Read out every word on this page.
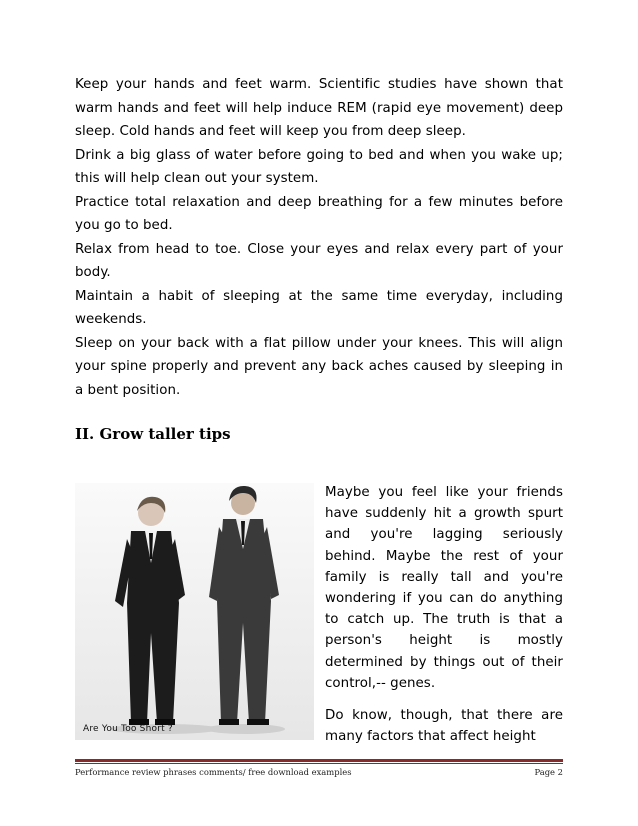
Keep your hands and feet warm. Scientific studies have shown that warm hands and feet will help induce REM (rapid eye movement) deep sleep. Cold hands and feet will keep you from deep sleep.
Drink a big glass of water before going to bed and when you wake up; this will help clean out your system.
Practice total relaxation and deep breathing for a few minutes before you go to bed.
Relax from head to toe. Close your eyes and relax every part of your body.
Maintain a habit of sleeping at the same time everyday, including weekends.
Sleep on your back with a flat pillow under your knees. This will align your spine properly and prevent any back aches caused by sleeping in a bent position.
II. Grow taller tips
Are You Too Short ?

Maybe you feel like your friends have suddenly hit a growth spurt and you're lagging seriously behind. Maybe the rest of your family is really tall and you're wondering if you can do anything to catch up. The truth is that a person's height is mostly determined by things out of their control,-- genes.

Do know, though, that there are many factors that affect height

Performance review phrases comments/ free download examples	Page 2
